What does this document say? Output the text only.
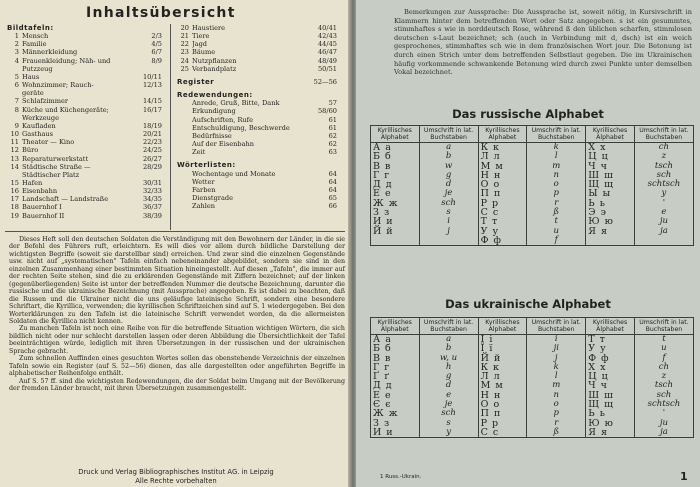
Inhaltsübersicht
Bildtafeln:
1 Mensch	2/3
2 Familie	4/5
3 Männerkleidung	6/7
4 Frauenkleidung; Näh- und	8/9
Putzzeug
5 Haus	10/11
6 Wohnzimmer; Rauch-	12/13
geräte
7 Schlafzimmer	14/15
8 Küche und Küchengeräte;	16/17
Werkzeuge
9 Kaufladen	18/19
10 Gasthaus	20/21
11 Theater — Kino	22/23
12 Büro	24/25
13 Reparaturwerkstatt	26/27
14 Städtische Straße —	28/29
Städtischer Platz
15 Hafen	30/31
16 Eisenbahn	32/33
17 Landschaft — Landstraße	34/35
18 Bauernhof I	36/37
19 Bauernhof II	38/39
20 Haustiere	40/41
21 Tiere	42/43
22 Jagd	44/45
23 Bäume	46/47
24 Nutzpflanzen	48/49
25 Verbandplatz	50/51
Register	52—56
Redewendungen:
Anrede, Gruß, Bitte, Dank	57
Erkundigung	58/60
Aufschriften, Rufe	61
Entschuldigung, Beschwerde	61
Bedürfnisse	62
Auf der Eisenbahn	62
Zeit	63
Wörterlisten:
Wochentage und Monate	64
Wetter	64
Farben	64
Dienstgrade	65
Zahlen	66

Dieses Heft soll den deutschen Soldaten die Verständigung mit den Bewohnern der Länder, in die sie der Befehl des Führers ruft, erleichtern. Es will dies vor allem durch bildliche Darstellung der wichtigsten Begriffe (soweit sie darstellbar sind) erreichen. Und zwar sind die einzelnen Gegenstände usw. nicht auf „systematischen" Tafeln einfach nebeneinander abgebildet, sondern sie sind in den einzelnen Zusammenhang einer bestimmten Situation hineingestellt. Auf diesen „Tafeln", die immer auf der rechten Seite stehen, sind die zu erklärenden Gegenstände mit Ziffern bezeichnet; auf der linken (gegenüberliegenden) Seite ist unter der betreffenden Nummer die deutsche Bezeichnung, darunter die russische und die ukrainische Bezeichnung (mit Aussprache) angegeben. Es ist dabei zu beachten, daß die Russen und die Ukrainer nicht die uns geläufige lateinische Schrift, sondern eine besondere Schriftart, die Kyrillica, verwenden; die kyrillischen Schriftzeichen sind auf S. 1 wiedergegeben. Bei den Worterklärungen zu den Tafeln ist die lateinische Schrift verwendet worden, da die allermeisten Soldaten die Kyrillica nicht kennen.

Zu manchen Tafeln ist noch eine Reihe von für die betreffende Situation wichtigen Wörtern, die sich bildlich nicht oder nur schlecht darstellen lassen oder deren Abbildung die Übersichtlichkeit der Tafel beeinträchtigen würde, lediglich mit ihren Übersetzungen in der russischen und der ukrainischen Sprache gebracht.

Zum schnellen Auffinden eines gesuchten Wortes sollen das obenstehende Verzeichnis der einzelnen Tafeln sowie ein Register (auf S. 52—56) dienen, das alle dargestellten oder angeführten Begriffe in alphabetischer Reihenfolge enthält.

Auf S. 57 ff. sind die wichtigsten Redewendungen, die der Soldat beim Umgang mit der Bevölkerung der fremden Länder braucht, mit ihren Übersetzungen zusammengestellt.

Druck und Verlag Bibliographisches Institut AG. in Leipzig
Alle Rechte vorbehalten

Bemerkungen zur Aussprache: Die Aussprache ist, soweit nötig, in Kursivschrift in Klammern hinter dem betreffenden Wort oder Satz angegeben. s ist ein gesummtes, stimmhaftes s wie in norddeutsch Rose, während ß den üblichen scharfen, stimmlosen deutschen s-Laut bezeichnet; sch (auch in Verbindung mit d, dsch) ist ein weich gesprochenes, stimmhaftes sch wie in dem französischen Wort jour. Die Betonung ist durch einen Strich unter dem betreffenden Selbstlaut gegeben. Die im Ukrainischen häufig vorkommende schwankende Betonung wird durch zwei Punkte unter demselben Vokal bezeichnet.

Das russische Alphabet
Kyrillisches Alphabet	Umschrift in lat. Buchstaben	Kyrillisches Alphabet	Umschrift in lat. Buchstaben	Kyrillisches Alphabet	Umschrift in lat. Buchstaben
А а	a	К к	k	Х х	ch
Б б	b	Л л	l	Ц ц	z
В в	w	М м	m	Ч ч	tsch
Г г	g	Н н	n	Ш ш	sch
Д д	d	О о	o	Щ щ	schtsch
Е е	je	П п	p	Ы ы	y
Ж ж	sch	Р р	r	Ь ь	'
З з	s	С с	ß	Э э	e
И и	i	Т т	t	Ю ю	ju
Й й	j	У у	u	Я я	ja
		Ф ф	f		
Das ukrainische Alphabet
Kyrillisches Alphabet	Umschrift in lat. Buchstaben	Kyrillisches Alphabet	Umschrift in lat. Buchstaben	Kyrillisches Alphabet	Umschrift in lat. Buchstaben
А а	a	І і	i	Т т	t
Б б	b	Ї ї	ji	У у	u
В в	w, u	Й й	j	Ф ф	f
Г г	h	К к	k	Х х	ch
Ґ ґ	g	Л л	l	Ц ц	z
Д д	d	М м	m	Ч ч	tsch
Е е	e	Н н	n	Ш ш	sch
Є є	je	О о	o	Щ щ	schtsch
Ж ж	sch	П п	p	Ь ь	'
З з	s	Р р	r	Ю ю	ju
И и	y	С с	ß	Я я	ja
1 Russ.-Ukrain.	1
